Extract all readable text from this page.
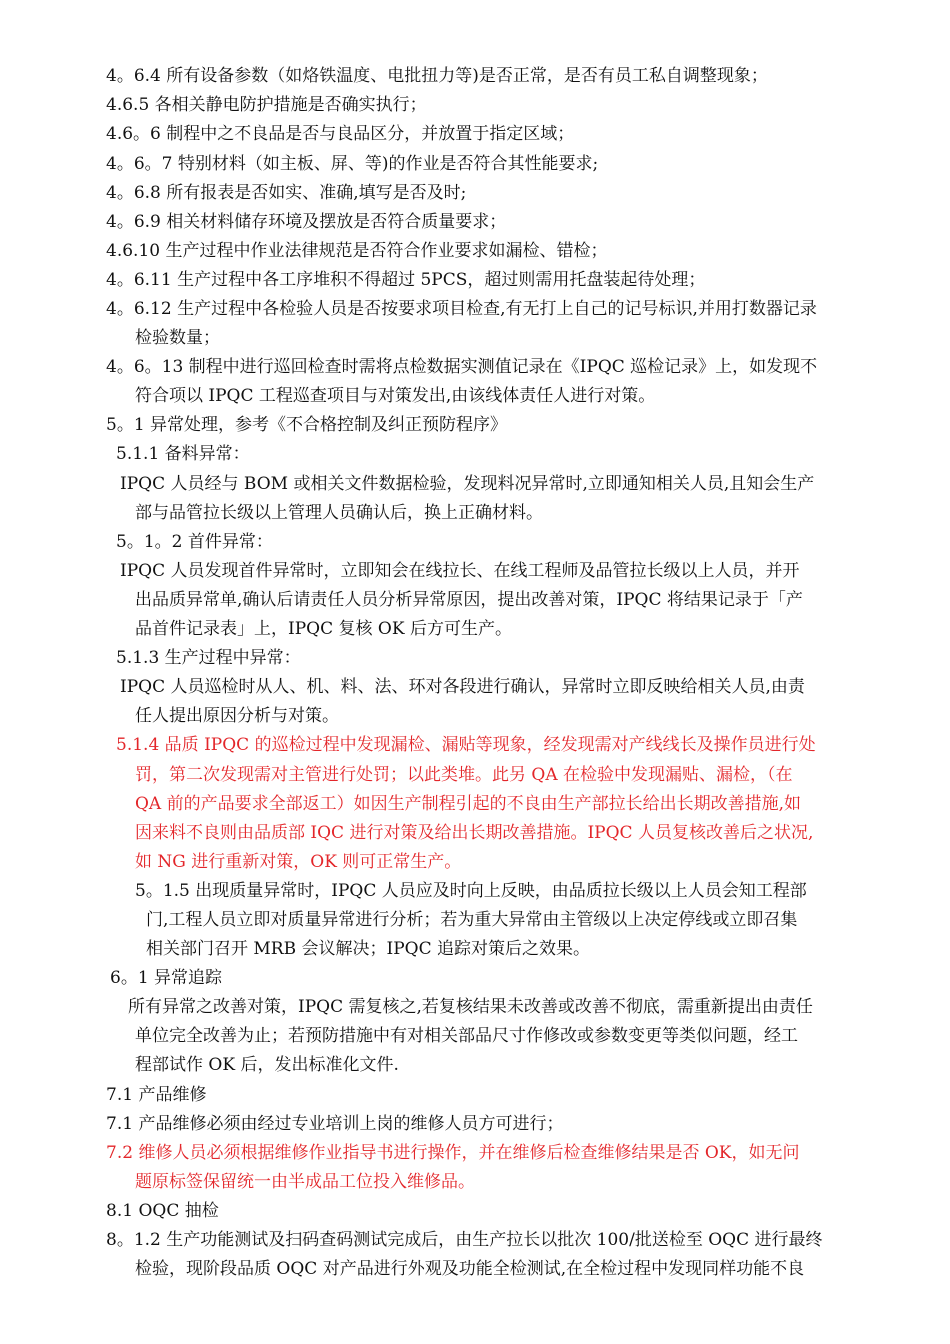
4。6.4 所有设备参数（如烙铁温度、电批扭力等)是否正常，是否有员工私自调整现象；

4.6.5 各相关静电防护措施是否确实执行；

4.6。6 制程中之不良品是否与良品区分，并放置于指定区域；

4。6。7 特别材料（如主板、屏、等)的作业是否符合其性能要求;

4。6.8 所有报表是否如实、准确,填写是否及时;

4。6.9 相关材料储存环境及摆放是否符合质量要求；

4.6.10 生产过程中作业法律规范是否符合作业要求如漏检、错检；

4。6.11 生产过程中各工序堆积不得超过 5PCS，超过则需用托盘装起待处理；

4。6.12 生产过程中各检验人员是否按要求项目检查,有无打上自己的记号标识,并用打数器记录

检验数量；

4。6。13 制程中进行巡回检查时需将点检数据实测值记录在《IPQC 巡检记录》上，如发现不

符合项以 IPQC 工程巡查项目与对策发出,由该线体责任人进行对策。

5。1 异常处理，参考《不合格控制及纠正预防程序》

5.1.1 备料异常：

IPQC 人员经与 BOM 或相关文件数据检验，发现料况异常时,立即通知相关人员,且知会生产

部与品管拉长级以上管理人员确认后，换上正确材料。

5。1。2 首件异常：

IPQC 人员发现首件异常时，立即知会在线拉长、在线工程师及品管拉长级以上人员，并开

出品质异常单,确认后请责任人员分析异常原因，提出改善对策，IPQC 将结果记录于「产

品首件记录表」上，IPQC 复核 OK 后方可生产。

5.1.3 生产过程中异常：

IPQC 人员巡检时从人、机、料、法、环对各段进行确认，异常时立即反映给相关人员,由责

任人提出原因分析与对策。

5.1.4 品质 IPQC 的巡检过程中发现漏检、漏贴等现象，经发现需对产线线长及操作员进行处

罚，第二次发现需对主管进行处罚；以此类堆。此另 QA 在检验中发现漏贴、漏检，（在

QA 前的产品要求全部返工）如因生产制程引起的不良由生产部拉长给出长期改善措施,如

因来料不良则由品质部 IQC 进行对策及给出长期改善措施。IPQC 人员复核改善后之状况,

如 NG 进行重新对策，OK 则可正常生产。

5。1.5 出现质量异常时，IPQC 人员应及时向上反映，由品质拉长级以上人员会知工程部

门,工程人员立即对质量异常进行分析；若为重大异常由主管级以上决定停线或立即召集

相关部门召开 MRB 会议解决；IPQC 追踪对策后之效果。

6。1 异常追踪

所有异常之改善对策，IPQC 需复核之,若复核结果未改善或改善不彻底，需重新提出由责任

单位完全改善为止；若预防措施中有对相关部品尺寸作修改或参数变更等类似问题，经工

程部试作 OK 后，发出标准化文件.

7.1 产品维修

7.1 产品维修必须由经过专业培训上岗的维修人员方可进行；

7.2 维修人员必须根据维修作业指导书进行操作，并在维修后检查维修结果是否 OK，如无问

题原标签保留统一由半成品工位投入维修品。

8.1 OQC 抽检

8。1.2 生产功能测试及扫码查码测试完成后，由生产拉长以批次 100/批送检至 OQC 进行最终

检验，现阶段品质 OQC 对产品进行外观及功能全检测试,在全检过程中发现同样功能不良
